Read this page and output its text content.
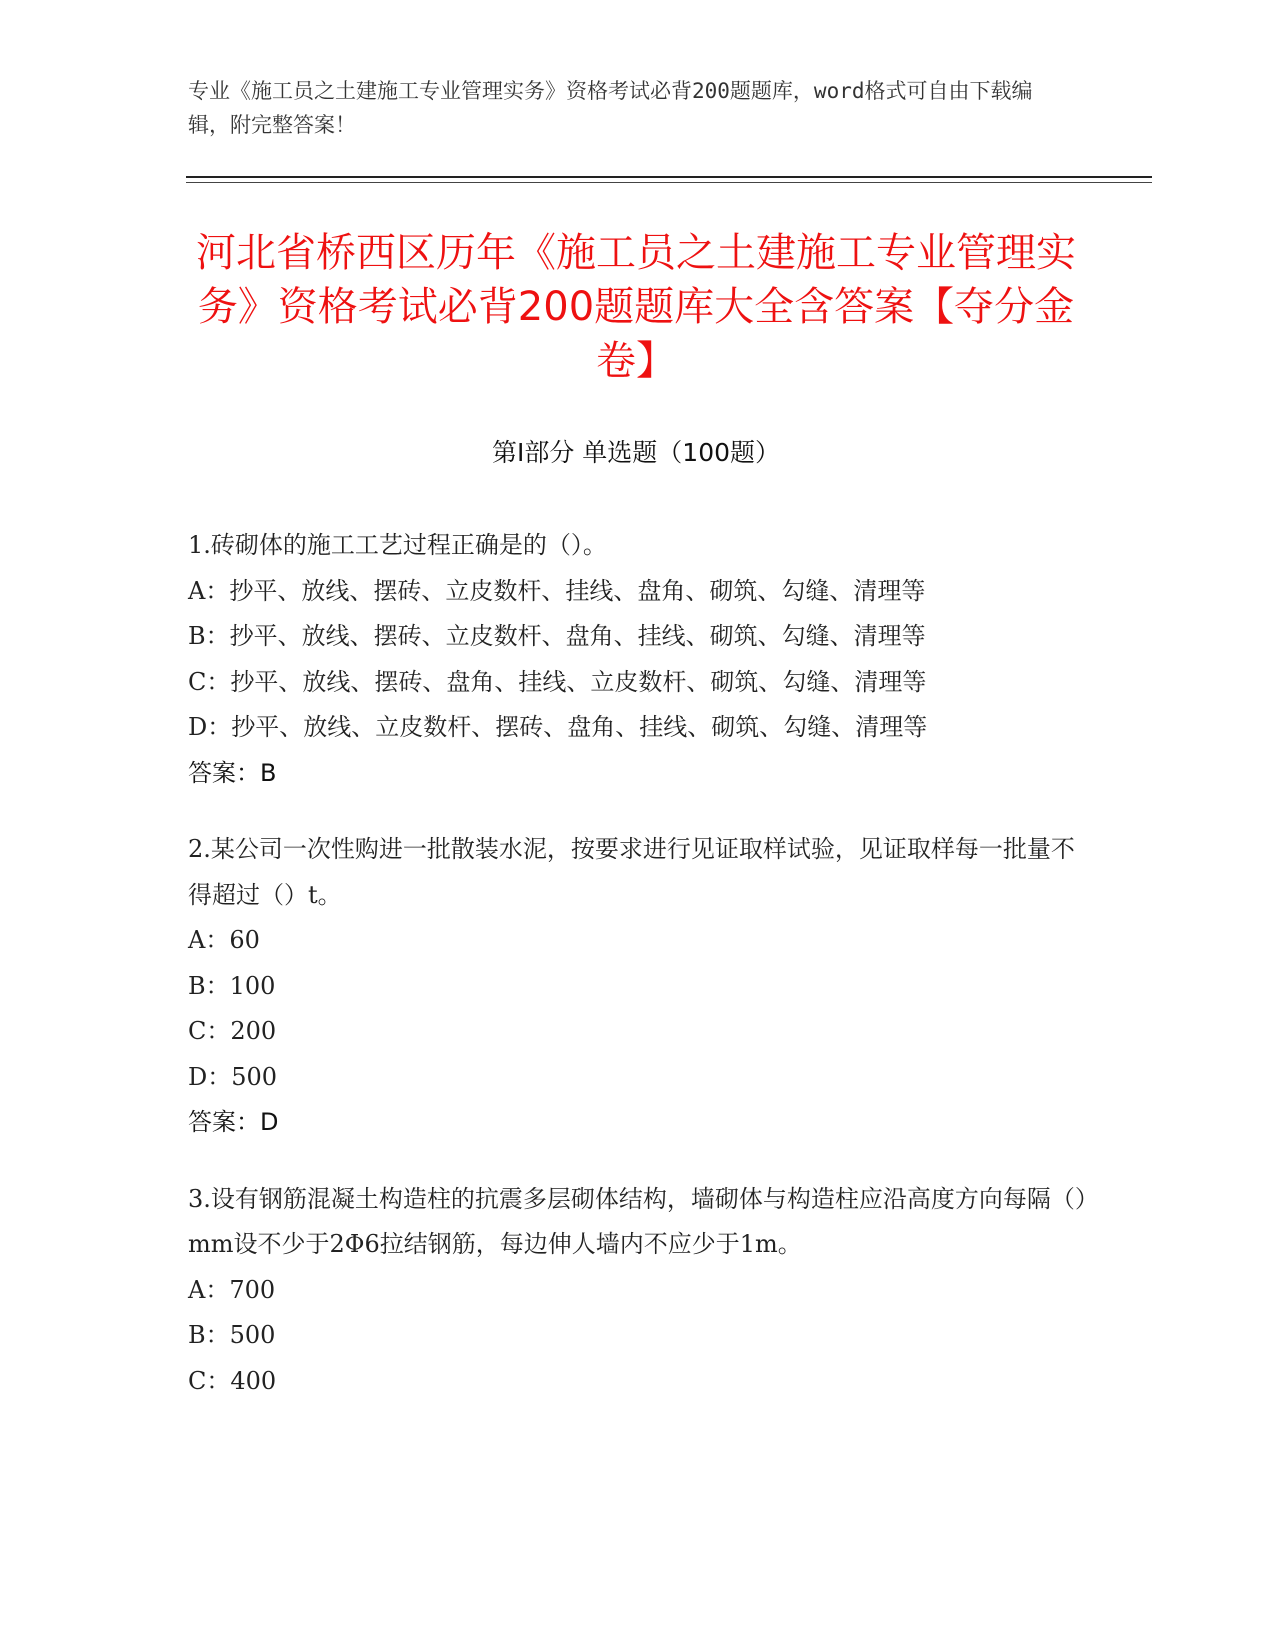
专业《施工员之土建施工专业管理实务》资格考试必背200题题库，word格式可自由下载编辑，附完整答案！
河北省桥西区历年《施工员之土建施工专业管理实务》资格考试必背200题题库大全含答案【夺分金卷】
第I部分 单选题（100题）

1.砖砌体的施工工艺过程正确是的（）。

A： 抄平、放线、摆砖、立皮数杆、挂线、盘角、砌筑、勾缝、清理等
B： 抄平、放线、摆砖、立皮数杆、盘角、挂线、砌筑、勾缝、清理等
C： 抄平、放线、摆砖、盘角、挂线、立皮数杆、砌筑、勾缝、清理等
D： 抄平、放线、立皮数杆、摆砖、盘角、挂线、砌筑、勾缝、清理等
答案：B

2.某公司一次性购进一批散装水泥，按要求进行见证取样试验，见证取样每一批量不得超过（）t。

A： 60
B： 100
C： 200
D： 500
答案：D

3.设有钢筋混凝土构造柱的抗震多层砌体结构，墙砌体与构造柱应沿高度方向每隔（）mm设不少于2Φ6拉结钢筋，每边伸人墙内不应少于1m。

A： 700
B： 500
C： 400
